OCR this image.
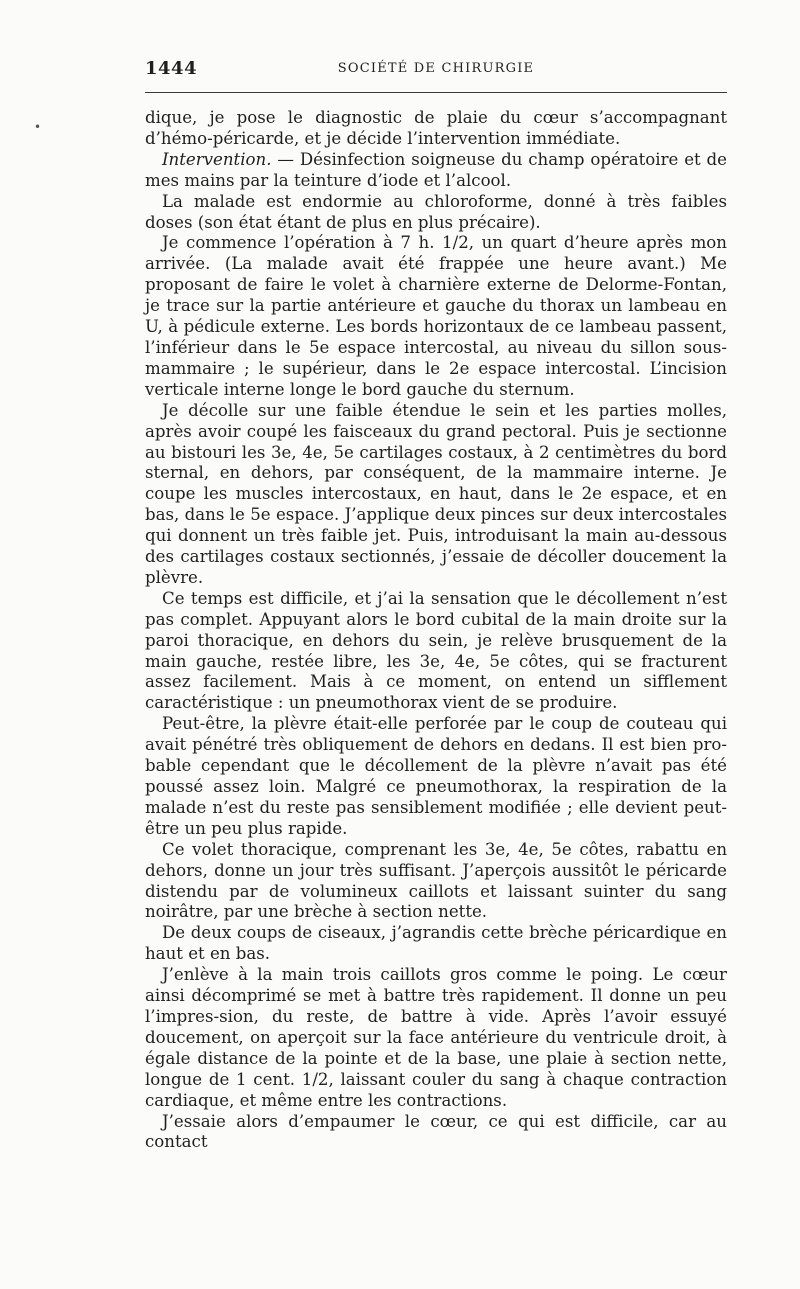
1444	SOCIÉTÉ DE CHIRURGIE
•	dique, je pose le diagnostic de plaie du cœur s’accompagnant d’hémo-péricarde, et je décide l’intervention immédiate.

Intervention. — Désinfection soigneuse du champ opératoire et de mes mains par la teinture d’iode et l’alcool.

La malade est endormie au chloroforme, donné à très faibles doses (son état étant de plus en plus précaire).

Je commence l’opération à 7 h. 1/2, un quart d’heure après mon arrivée. (La malade avait été frappée une heure avant.) Me proposant de faire le volet à charnière externe de Delorme-Fontan, je trace sur la partie antérieure et gauche du thorax un lambeau en U, à pédicule externe. Les bords horizontaux de ce lambeau passent, l’inférieur dans le 5e espace intercostal, au niveau du sillon sous-mammaire ; le supérieur, dans le 2e espace intercostal. L’incision verticale interne longe le bord gauche du sternum.

Je décolle sur une faible étendue le sein et les parties molles, après avoir coupé les faisceaux du grand pectoral. Puis je sectionne au bistouri les 3e, 4e, 5e cartilages costaux, à 2 centimètres du bord sternal, en dehors, par conséquent, de la mammaire interne. Je coupe les muscles intercostaux, en haut, dans le 2e espace, et en bas, dans le 5e espace. J’applique deux pinces sur deux intercostales qui donnent un très faible jet. Puis, introduisant la main au-dessous des cartilages costaux sectionnés, j’essaie de décoller doucement la plèvre.

Ce temps est difficile, et j’ai la sensation que le décollement n’est pas complet. Appuyant alors le bord cubital de la main droite sur la paroi thoracique, en dehors du sein, je relève brusquement de la main gauche, restée libre, les 3e, 4e, 5e côtes, qui se fracturent assez facilement. Mais à ce moment, on entend un sifflement caractéristique : un pneumothorax vient de se produire.

Peut-être, la plèvre était-elle perforée par le coup de couteau qui avait pénétré très obliquement de dehors en dedans. Il est bien pro-bable cependant que le décollement de la plèvre n’avait pas été poussé assez loin. Malgré ce pneumothorax, la respiration de la malade n’est du reste pas sensiblement modifiée ; elle devient peut-être un peu plus rapide.

Ce volet thoracique, comprenant les 3e, 4e, 5e côtes, rabattu en dehors, donne un jour très suffisant. J’aperçois aussitôt le péricarde distendu par de volumineux caillots et laissant suinter du sang noirâtre, par une brèche à section nette.

De deux coups de ciseaux, j’agrandis cette brèche péricardique en haut et en bas.

J’enlève à la main trois caillots gros comme le poing. Le cœur ainsi décomprimé se met à battre très rapidement. Il donne un peu l’impres-sion, du reste, de battre à vide. Après l’avoir essuyé doucement, on aperçoit sur la face antérieure du ventricule droit, à égale distance de la pointe et de la base, une plaie à section nette, longue de 1 cent. 1/2, laissant couler du sang à chaque contraction cardiaque, et même entre les contractions.

J’essaie alors d’empaumer le cœur, ce qui est difficile, car au contact
